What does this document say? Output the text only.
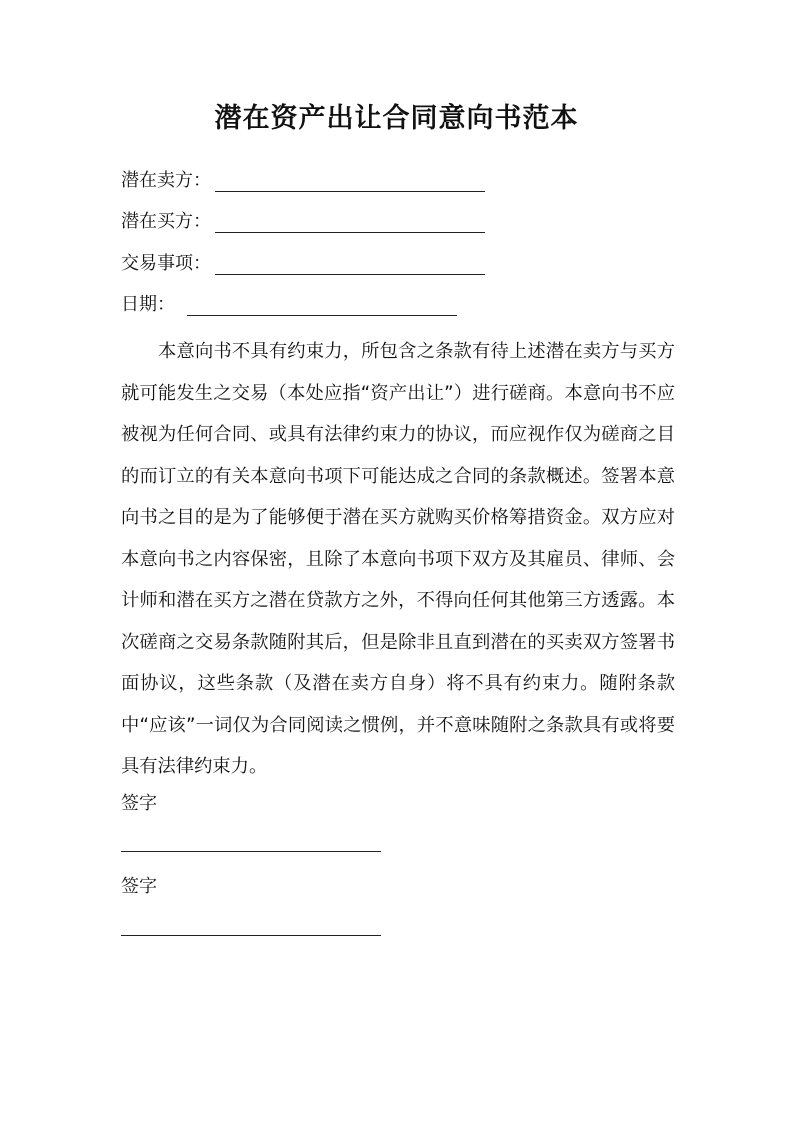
潜在资产出让合同意向书范本
潜在卖方：
潜在买方：
交易事项：
日期：

本意向书不具有约束力，所包含之条款有待上述潜在卖方与买方就可能发生之交易（本处应指“资产出让”）进行磋商。本意向书不应被视为任何合同、或具有法律约束力的协议，而应视作仅为磋商之目的而订立的有关本意向书项下可能达成之合同的条款概述。签署本意向书之目的是为了能够便于潜在买方就购买价格筹措资金。双方应对本意向书之内容保密，且除了本意向书项下双方及其雇员、律师、会计师和潜在买方之潜在贷款方之外，不得向任何其他第三方透露。本次磋商之交易条款随附其后，但是除非且直到潜在的买卖双方签署书面协议，这些条款（及潜在卖方自身）将不具有约束力。随附条款中“应该”一词仅为合同阅读之惯例，并不意味随附之条款具有或将要具有法律约束力。

签字
签字
